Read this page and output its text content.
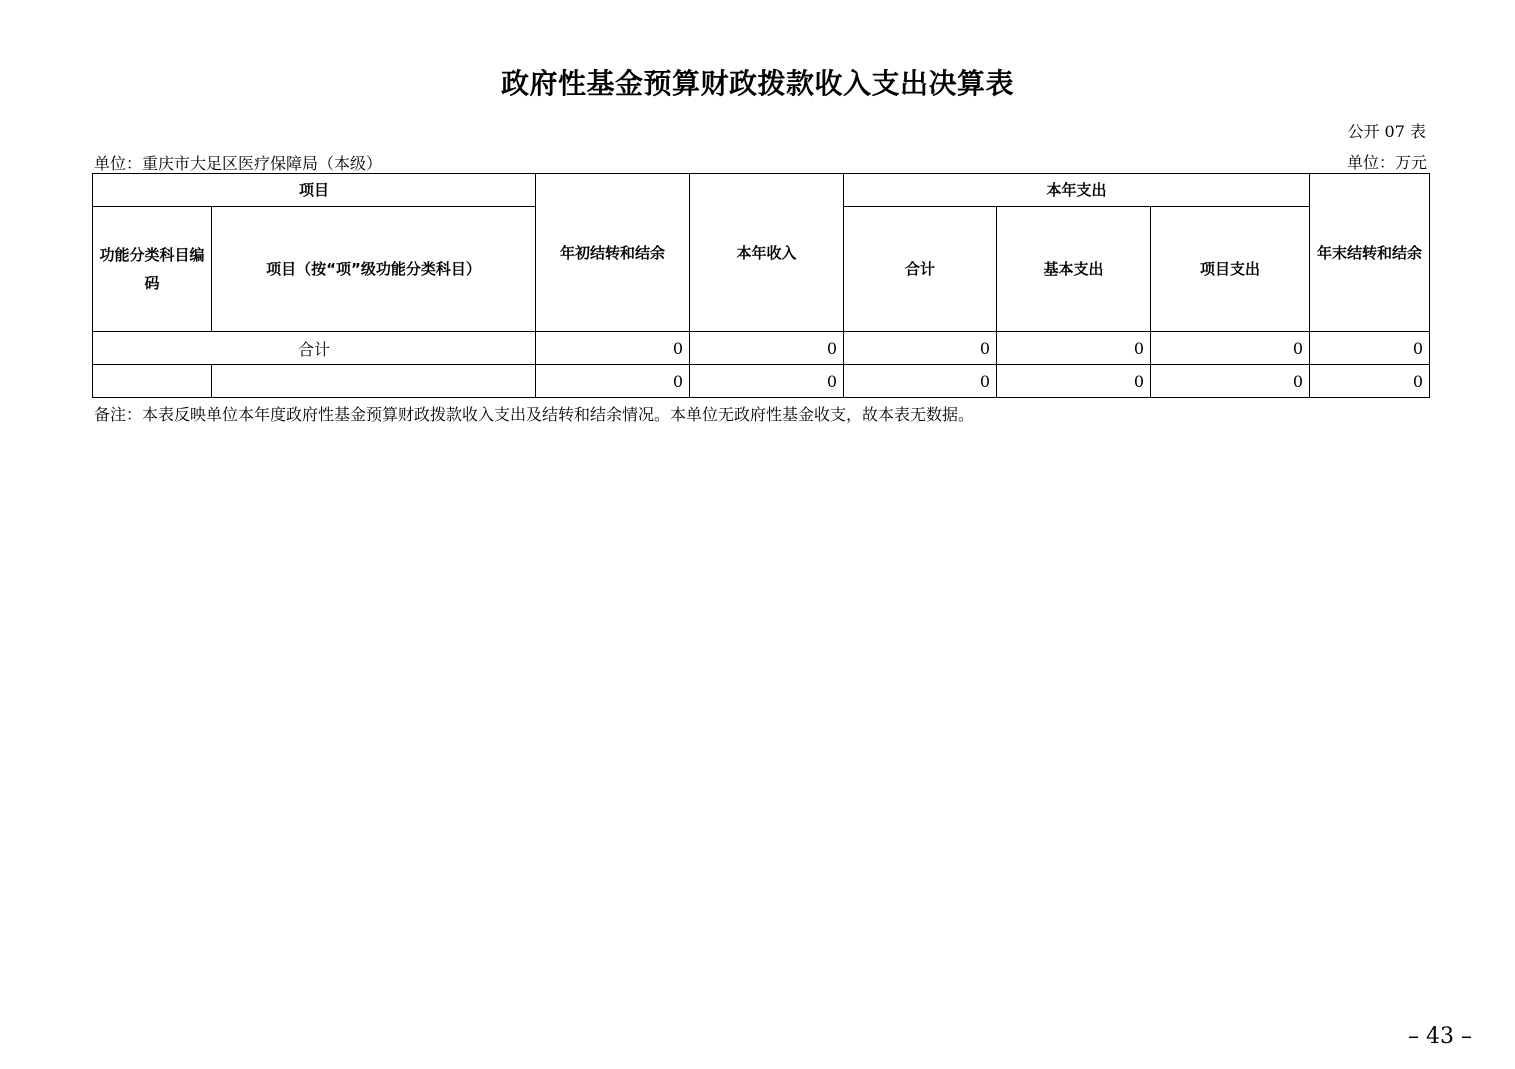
政府性基金预算财政拨款收入支出决算表
公开 07 表
单位：重庆市大足区医疗保障局（本级）	单位：万元
项目		年初结转和结余	本年收入	本年支出			年末结转和结余
功能分类科目编码	项目（按“项”级功能分类科目）			合计	基本支出	项目支出	
合计		0	0	0	0	0	0
		0	0	0	0	0	0
备注：本表反映单位本年度政府性基金预算财政拨款收入支出及结转和结余情况。本单位无政府性基金收支，故本表无数据。
– 43 –
